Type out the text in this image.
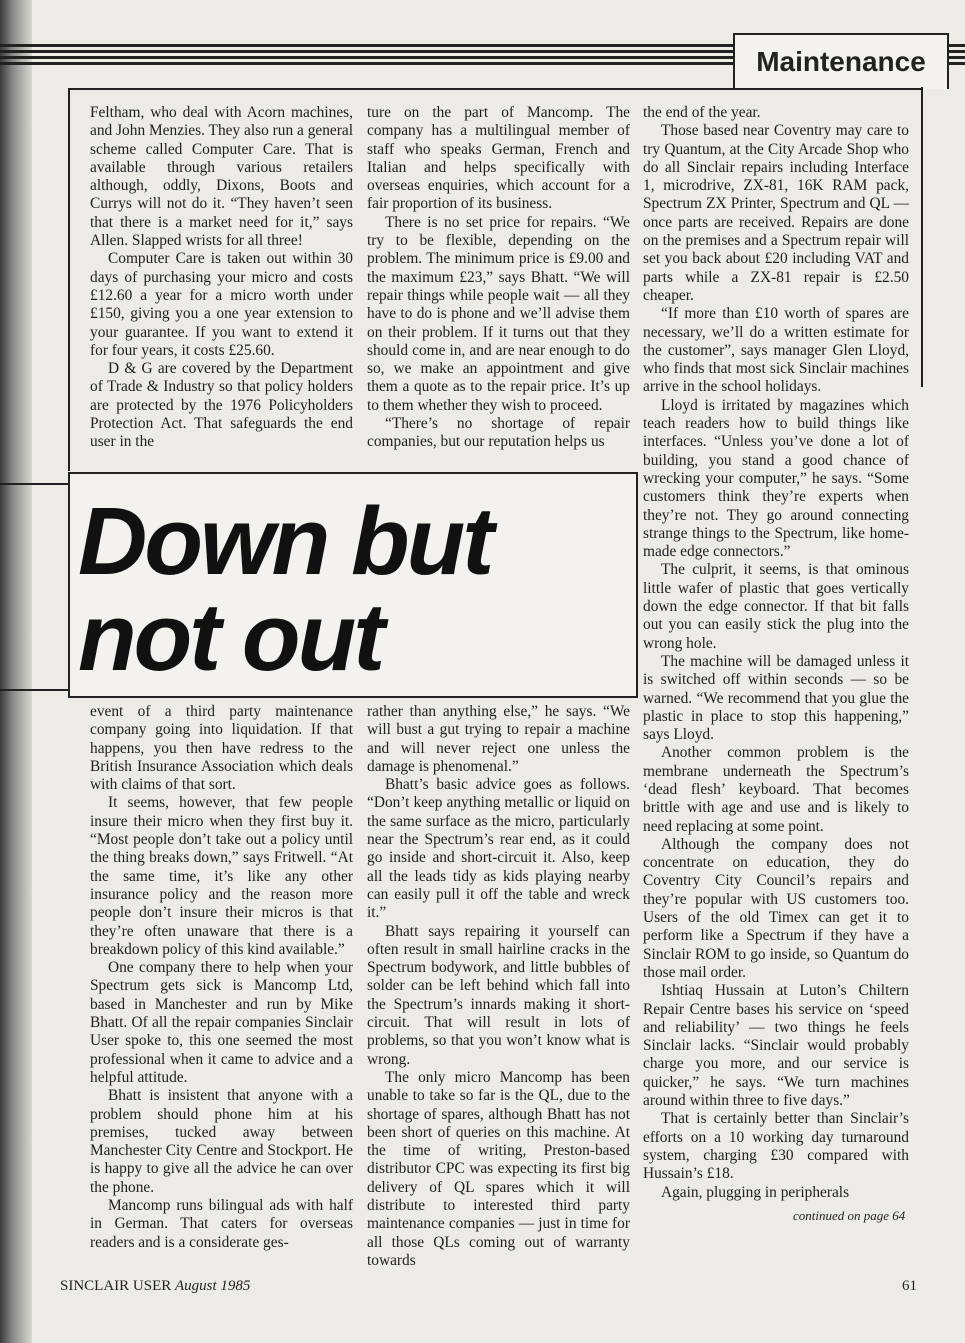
Maintenance

Feltham, who deal with Acorn machines, and John Menzies. They also run a general scheme called Computer Care. That is available through various retailers although, oddly, Dixons, Boots and Currys will not do it. “They haven’t seen that there is a market need for it,” says Allen. Slapped wrists for all three!

Computer Care is taken out within 30 days of purchasing your micro and costs £12.60 a year for a micro worth under £150, giving you a one year extension to your guarantee. If you want to extend it for four years, it costs £25.60.

D & G are covered by the Department of Trade & Industry so that policy holders are protected by the 1976 Policyholders Protection Act. That safeguards the end user in the

ture on the part of Mancomp. The company has a multilingual member of staff who speaks German, French and Italian and helps specifically with overseas enquiries, which account for a fair proportion of its business.

There is no set price for repairs. “We try to be flexible, depending on the problem. The minimum price is £9.00 and the maximum £23,” says Bhatt. “We will repair things while people wait — all they have to do is phone and we’ll advise them on their problem. If it turns out that they should come in, and are near enough to do so, we make an appointment and give them a quote as to the repair price. It’s up to them whether they wish to proceed.

“There’s no shortage of repair companies, but our reputation helps us

the end of the year.

Those based near Coventry may care to try Quantum, at the City Arcade Shop who do all Sinclair repairs including Interface 1, microdrive, ZX-81, 16K RAM pack, Spectrum ZX Printer, Spectrum and QL — once parts are received. Repairs are done on the premises and a Spectrum repair will set you back about £20 including VAT and parts while a ZX-81 repair is £2.50 cheaper.

“If more than £10 worth of spares are necessary, we’ll do a written estimate for the customer”, says manager Glen Lloyd, who finds that most sick Sinclair machines arrive in the school holidays.

Lloyd is irritated by magazines which teach readers how to build things like interfaces. “Unless you’ve done a lot of building, you stand a good chance of wrecking your computer,” he says. “Some customers think they’re experts when they’re not. They go around connecting strange things to the Spectrum, like home-made edge connectors.”

The culprit, it seems, is that ominous little wafer of plastic that goes vertically down the edge connector. If that bit falls out you can easily stick the plug into the wrong hole.

The machine will be damaged unless it is switched off within seconds — so be warned. “We recommend that you glue the plastic in place to stop this happening,” says Lloyd.

Another common problem is the membrane underneath the Spectrum’s ‘dead flesh’ keyboard. That becomes brittle with age and use and is likely to need replacing at some point.

Although the company does not concentrate on education, they do Coventry City Council’s repairs and they’re popular with US customers too. Users of the old Timex can get it to perform like a Spectrum if they have a Sinclair ROM to go inside, so Quantum do those mail order.

Ishtiaq Hussain at Luton’s Chiltern Repair Centre bases his service on ‘speed and reliability’ — two things he feels Sinclair lacks. “Sinclair would probably charge you more, and our service is quicker,” he says. “We turn machines around within three to five days.”

That is certainly better than Sinclair’s efforts on a 10 working day turnaround system, charging £30 compared with Hussain’s £18.

Again, plugging in peripherals

Down but
not out

event of a third party maintenance company going into liquidation. If that happens, you then have redress to the British Insurance Association which deals with claims of that sort.

It seems, however, that few people insure their micro when they first buy it. “Most people don’t take out a policy until the thing breaks down,” says Fritwell. “At the same time, it’s like any other insurance policy and the reason more people don’t insure their micros is that they’re often unaware that there is a breakdown policy of this kind available.”

One company there to help when your Spectrum gets sick is Mancomp Ltd, based in Manchester and run by Mike Bhatt. Of all the repair companies Sinclair User spoke to, this one seemed the most professional when it came to advice and a helpful attitude.

Bhatt is insistent that anyone with a problem should phone him at his premises, tucked away between Manchester City Centre and Stockport. He is happy to give all the advice he can over the phone.

Mancomp runs bilingual ads with half in German. That caters for overseas readers and is a considerate ges-

rather than anything else,” he says. “We will bust a gut trying to repair a machine and will never reject one unless the damage is phenomenal.”

Bhatt’s basic advice goes as follows. “Don’t keep anything metallic or liquid on the same surface as the micro, particularly near the Spectrum’s rear end, as it could go inside and short-circuit it. Also, keep all the leads tidy as kids playing nearby can easily pull it off the table and wreck it.”

Bhatt says repairing it yourself can often result in small hairline cracks in the Spectrum bodywork, and little bubbles of solder can be left behind which fall into the Spectrum’s innards making it short-circuit. That will result in lots of problems, so that you won’t know what is wrong.

The only micro Mancomp has been unable to take so far is the QL, due to the shortage of spares, although Bhatt has not been short of queries on this machine. At the time of writing, Preston-based distributor CPC was expecting its first big delivery of QL spares which it will distribute to interested third party maintenance companies — just in time for all those QLs coming out of warranty towards

continued on page 64
SINCLAIR USER August 1985	61
